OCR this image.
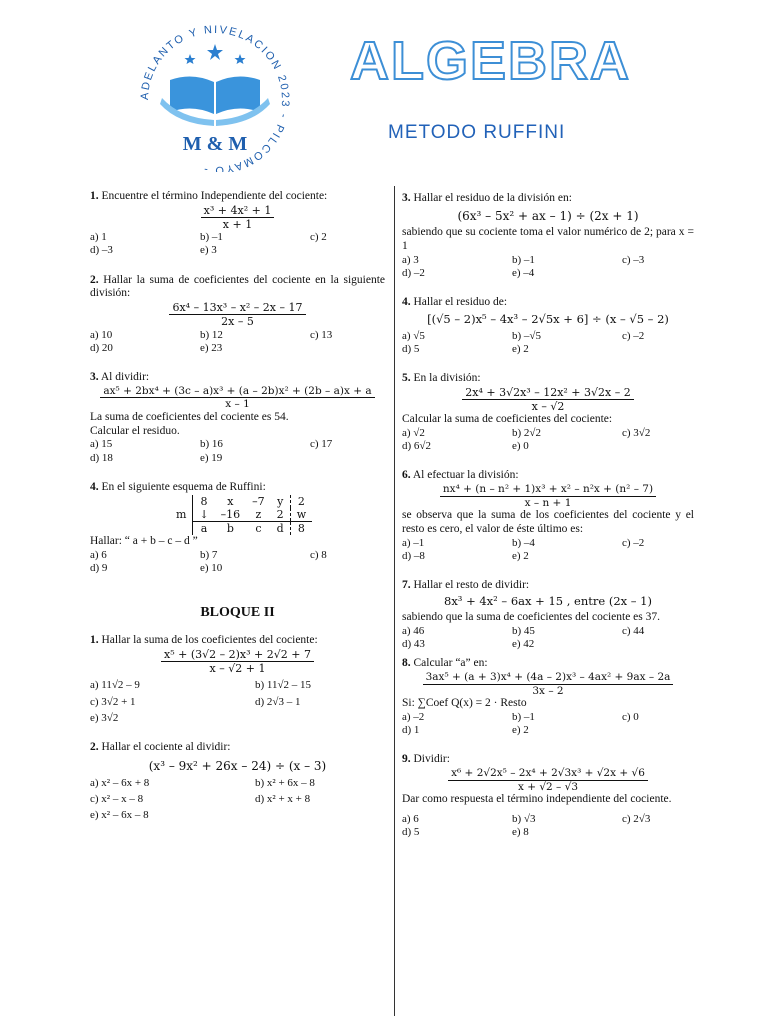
ADELANTO Y NIVELACION 2023 - PILCOMAYO -
M & M
ALGEBRA
METODO RUFFINI

1. Encuentre el término Independiente del cociente:

$\frac{\text{x³ + 4x² + 1}}{x + 1}$
a) 1	b) –1	c) 2
d) –3	e) 3

2. Hallar la suma de coeficientes del cociente en la siguiente división:

$\frac{\text{6x⁴ – 13x³ – x² – 2x – 17}}{2x - 5}$
a) 10	b) 12	c) 13
d) 20	e) 23

3. Al dividir:

$\frac{\text{ax⁵ + 2bx⁴ + (3c – a)x³ + (a – 2b)x² + (2b – a)x + a}}{x - 1}$

La suma de coeficientes del cociente es 54.

Calcular el residuo.

a) 15	b) 16	c) 17
d) 18	e) 19

4. En el siguiente esquema de Ruffini:

	8	x	–7	y	2
m	↓	–16	z	2	w
	a	b	c	d	8

Hallar: “ a + b – c – d ”

a) 6	b) 7	c) 8
d) 9	e) 10
BLOQUE II

1. Hallar la suma de los coeficientes del cociente:

$\frac{\text{x⁵ + (3√2 – 2)x³ + 2√2 + 7}}{x - √2 + 1}$
a) 11√2 – 9	b) 11√2 – 15
c) 3√2 + 1	d) 2√3 – 1
e) 3√2

2. Hallar el cociente al dividir:

(x³ – 9x² + 26x – 24) ÷ (x – 3)
a) x² – 6x + 8	b) x² + 6x – 8
c) x² – x – 8	d) x² + x + 8
e) x² – 6x – 8

3. Hallar el residuo de la división en:

(6x³ – 5x² + ax – 1) ÷ (2x + 1)

sabiendo que su cociente toma el valor numérico de 2; para x = 1

a) 3	b) –1	c) –3
d) –2	e) –4

4. Hallar el residuo de:

[(√5 – 2)x⁵ – 4x³ – 2√5x + 6] ÷ (x – √5 – 2)
a) √5	b) –√5	c) –2
d) 5	e) 2

5. En la división:

$\frac{\text{2x⁴ + 3√2x³ – 12x² + 3√2x – 2}}{x - √2}$

Calcular la suma de coeficientes del cociente:

a) √2	b) 2√2	c) 3√2
d) 6√2	e) 0

6. Al efectuar la división:

$\frac{\text{nx⁴ + (n – n² + 1)x³ + x² – n²x + (n² – 7)}}{x - n + 1}$

se observa que la suma de los coeficientes del cociente y el resto es cero, el valor de éste último es:

a) –1	b) –4	c) –2
d) –8	e) 2

7. Hallar el resto de dividir:

8x³ + 4x² – 6ax + 15 , entre (2x – 1)

sabiendo que la suma de coeficientes del cociente es 37.

a) 46	b) 45	c) 44
d) 43	e) 42

8. Calcular “a” en:

$\frac{\text{3ax⁵ + (a + 3)x⁴ + (4a – 2)x³ – 4ax² + 9ax – 2a}}{3x - 2}$

Si: ∑Coef Q(x) = 2 · Resto

a) –2	b) –1	c) 0
d) 1	e) 2

9. Dividir:

$\frac{\text{x⁶ + 2√2x⁵ – 2x⁴ + 2√3x³ + √2x + √6}}{x + √2 - √3}$

Dar como respuesta el término independiente del cociente.

a) 6	b) √3	c) 2√3
d) 5	e) 8
